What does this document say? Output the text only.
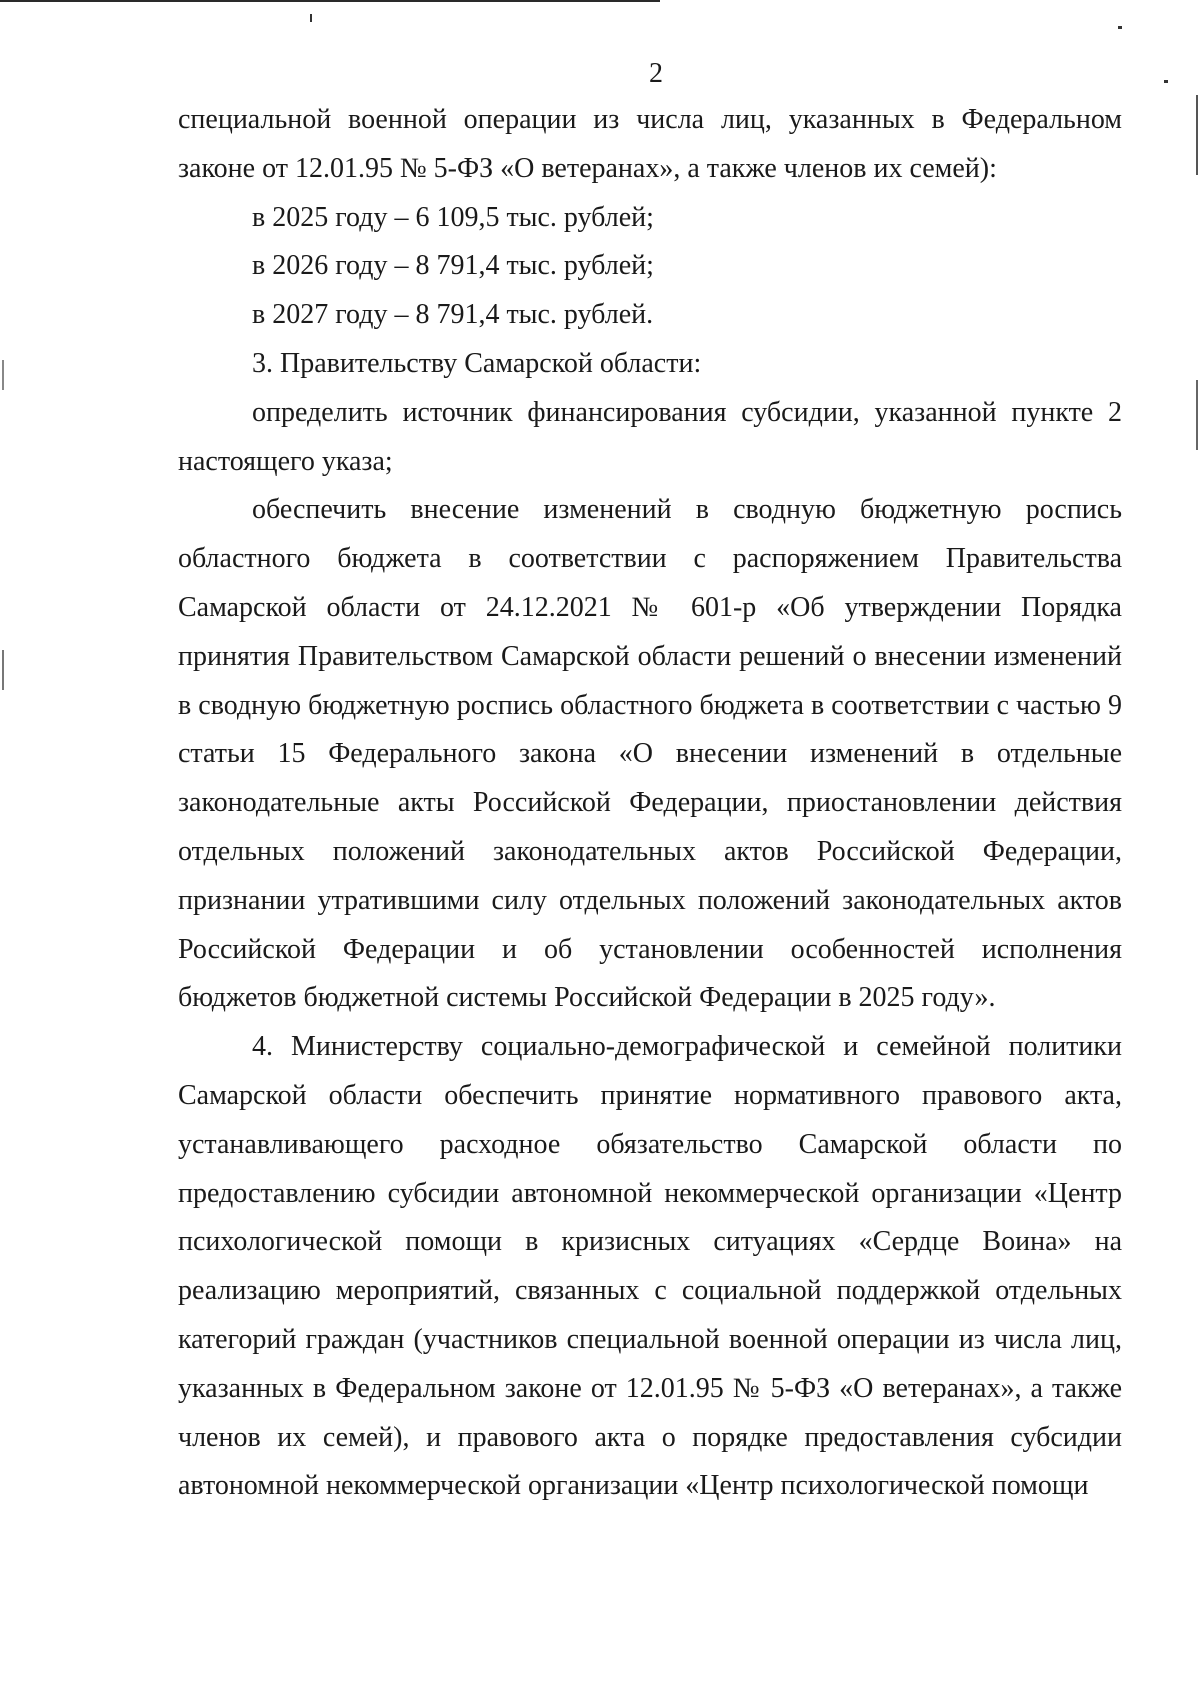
2

специальной военной операции из числа лиц, указанных в Федеральном законе от 12.01.95 № 5-ФЗ «О ветеранах», а также членов их семей):

в 2025 году – 6 109,5 тыс. рублей;

в 2026 году – 8 791,4 тыс. рублей;

в 2027 году – 8 791,4 тыс. рублей.

3. Правительству Самарской области:

определить источник финансирования субсидии, указанной пункте 2 настоящего указа;

обеспечить внесение изменений в сводную бюджетную роспись областного бюджета в соответствии с распоряжением Правительства Самарской области от 24.12.2021 № 601-р «Об утверждении Порядка принятия Правительством Самарской области решений о внесении изменений в сводную бюджетную роспись областного бюджета в соответствии с частью 9 статьи 15 Федерального закона «О внесении изменений в отдельные законодательные акты Российской Федерации, приостановлении действия отдельных положений законодательных актов Российской Федерации, признании утратившими силу отдельных положений законодательных актов Российской Федерации и об установлении особенностей исполнения бюджетов бюджетной системы Российской Федерации в 2025 году».

4. Министерству социально-демографической и семейной политики Самарской области обеспечить принятие нормативного правового акта, устанавливающего расходное обязательство Самарской области по предоставлению субсидии автономной некоммерческой организации «Центр психологической помощи в кризисных ситуациях «Сердце Воина» на реализацию мероприятий, связанных с социальной поддержкой отдельных категорий граждан (участников специальной военной операции из числа лиц, указанных в Федеральном законе от 12.01.95 № 5-ФЗ «О ветеранах», а также членов их семей), и правового акта о порядке предоставления субсидии автономной некоммерческой организации «Центр психологической помощи
